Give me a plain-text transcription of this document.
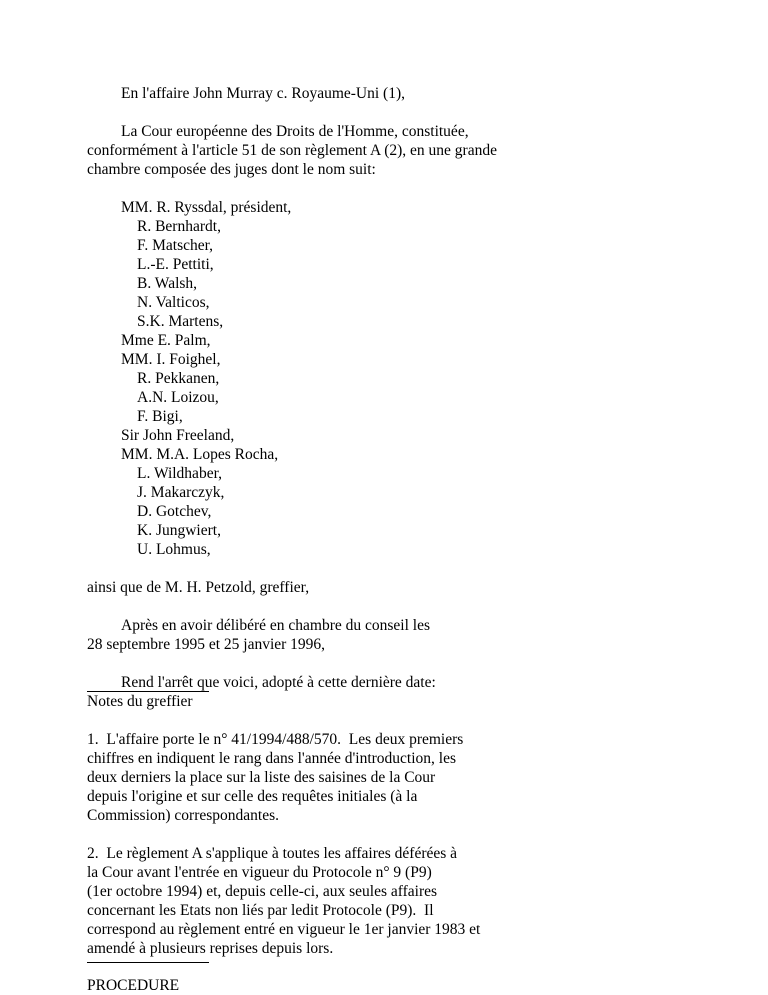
En l'affaire John Murray c. Royaume-Uni (1),
La Cour européenne des Droits de l'Homme, constituée,
conformément à l'article 51 de son règlement A (2), en une grande
chambre composée des juges dont le nom suit:
MM. R. Ryssdal, président,
R. Bernhardt,
F. Matscher,
L.-E. Pettiti,
B. Walsh,
N. Valticos,
S.K. Martens,
Mme E. Palm,
MM. I. Foighel,
R. Pekkanen,
A.N. Loizou,
F. Bigi,
Sir John Freeland,
MM. M.A. Lopes Rocha,
L. Wildhaber,
J. Makarczyk,
D. Gotchev,
K. Jungwiert,
U. Lohmus,
ainsi que de M. H. Petzold, greffier,
Après en avoir délibéré en chambre du conseil les
28 septembre 1995 et 25 janvier 1996,
Rend l'arrêt que voici, adopté à cette dernière date:
Notes du greffier
1.  L'affaire porte le n° 41/1994/488/570.  Les deux premiers
chiffres en indiquent le rang dans l'année d'introduction, les
deux derniers la place sur la liste des saisines de la Cour
depuis l'origine et sur celle des requêtes initiales (à la
Commission) correspondantes.
2.  Le règlement A s'applique à toutes les affaires déférées à
la Cour avant l'entrée en vigueur du Protocole n° 9 (P9)
(1er octobre 1994) et, depuis celle-ci, aux seules affaires
concernant les Etats non liés par ledit Protocole (P9).  Il
correspond au règlement entré en vigueur le 1er janvier 1983 et
amendé à plusieurs reprises depuis lors.
PROCEDURE
